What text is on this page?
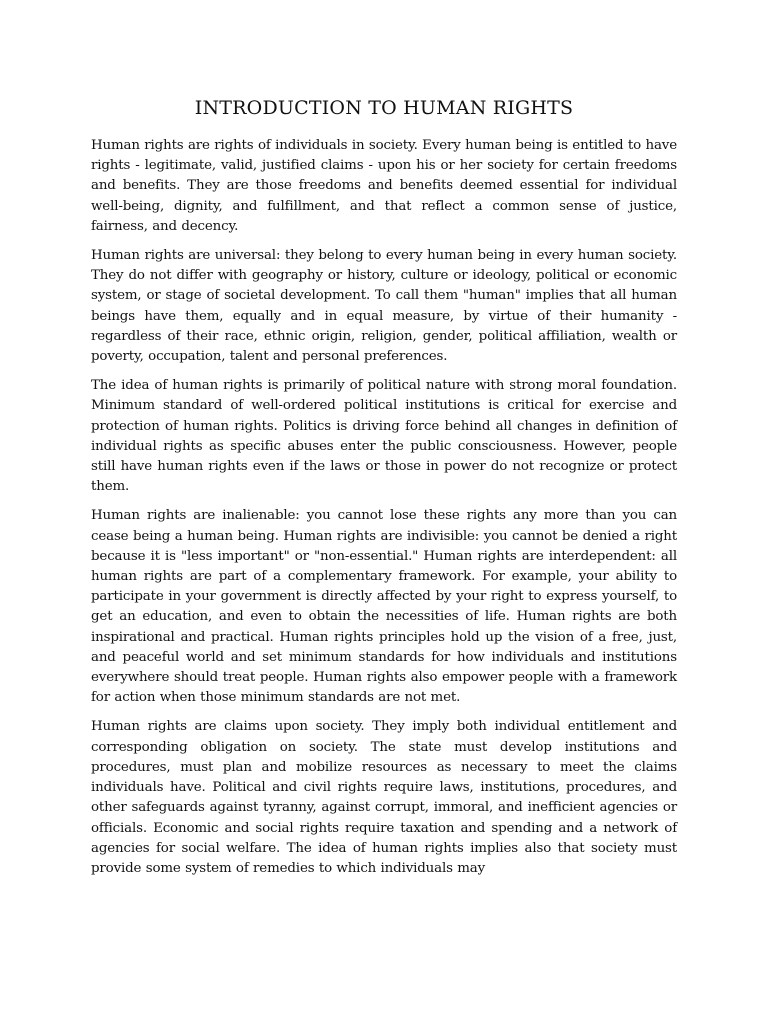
INTRODUCTION TO HUMAN RIGHTS

Human rights are rights of individuals in society. Every human being is entitled to have rights - legitimate, valid, justified claims - upon his or her society for certain freedoms and benefits. They are those freedoms and benefits deemed essential for individual well-being, dignity, and fulfillment, and that reflect a common sense of justice, fairness, and decency.

Human rights are universal: they belong to every human being in every human society. They do not differ with geography or history, culture or ideology, political or economic system, or stage of societal development. To call them "human" implies that all human beings have them, equally and in equal measure, by virtue of their humanity - regardless of their race, ethnic origin, religion, gender, political affiliation, wealth or poverty, occupation, talent and personal preferences.

The idea of human rights is primarily of political nature with strong moral foundation. Minimum standard of well-ordered political institutions is critical for exercise and protection of human rights. Politics is driving force behind all changes in definition of individual rights as specific abuses enter the public consciousness. However, people still have human rights even if the laws or those in power do not recognize or protect them.

Human rights are inalienable: you cannot lose these rights any more than you can cease being a human being. Human rights are indivisible: you cannot be denied a right because it is "less important" or "non-essential." Human rights are interdependent: all human rights are part of a complementary framework. For example, your ability to participate in your government is directly affected by your right to express yourself, to get an education, and even to obtain the necessities of life. Human rights are both inspirational and practical. Human rights principles hold up the vision of a free, just, and peaceful world and set minimum standards for how individuals and institutions everywhere should treat people. Human rights also empower people with a framework for action when those minimum standards are not met.

Human rights are claims upon society. They imply both individual entitlement and corresponding obligation on society. The state must develop institutions and procedures, must plan and mobilize resources as necessary to meet the claims individuals have. Political and civil rights require laws, institutions, procedures, and other safeguards against tyranny, against corrupt, immoral, and inefficient agencies or officials. Economic and social rights require taxation and spending and a network of agencies for social welfare. The idea of human rights implies also that society must provide some system of remedies to which individuals may
